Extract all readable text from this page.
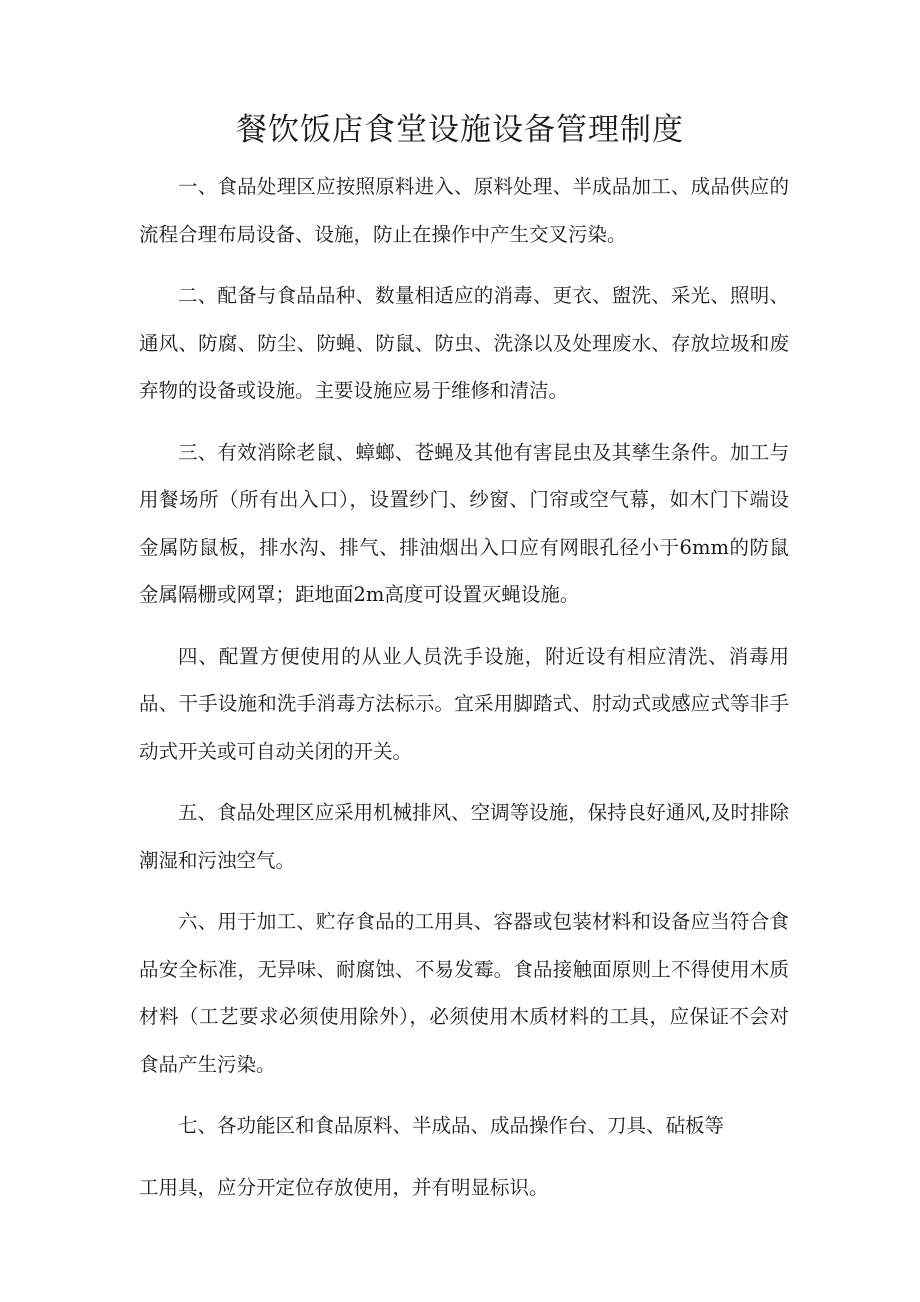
餐饮饭店食堂设施设备管理制度

一、食品处理区应按照原料进入、原料处理、半成品加工、成品供应的流程合理布局设备、设施，防止在操作中产生交叉污染。

二、配备与食品品种、数量相适应的消毒、更衣、盥洗、采光、照明、通风、防腐、防尘、防蝇、防鼠、防虫、洗涤以及处理废水、存放垃圾和废弃物的设备或设施。主要设施应易于维修和清洁。

三、有效消除老鼠、蟑螂、苍蝇及其他有害昆虫及其孳生条件。加工与用餐场所（所有出入口），设置纱门、纱窗、门帘或空气幕，如木门下端设金属防鼠板，排水沟、排气、排油烟出入口应有网眼孔径小于6mm的防鼠金属隔栅或网罩；距地面2m高度可设置灭蝇设施。

四、配置方便使用的从业人员洗手设施，附近设有相应清洗、消毒用品、干手设施和洗手消毒方法标示。宜采用脚踏式、肘动式或感应式等非手动式开关或可自动关闭的开关。

五、食品处理区应采用机械排风、空调等设施，保持良好通风,及时排除潮湿和污浊空气。

六、用于加工、贮存食品的工用具、容器或包装材料和设备应当符合食品安全标准，无异味、耐腐蚀、不易发霉。食品接触面原则上不得使用木质材料（工艺要求必须使用除外），必须使用木质材料的工具，应保证不会对食品产生污染。

七、各功能区和食品原料、半成品、成品操作台、刀具、砧板等
工用具，应分开定位存放使用，并有明显标识。
